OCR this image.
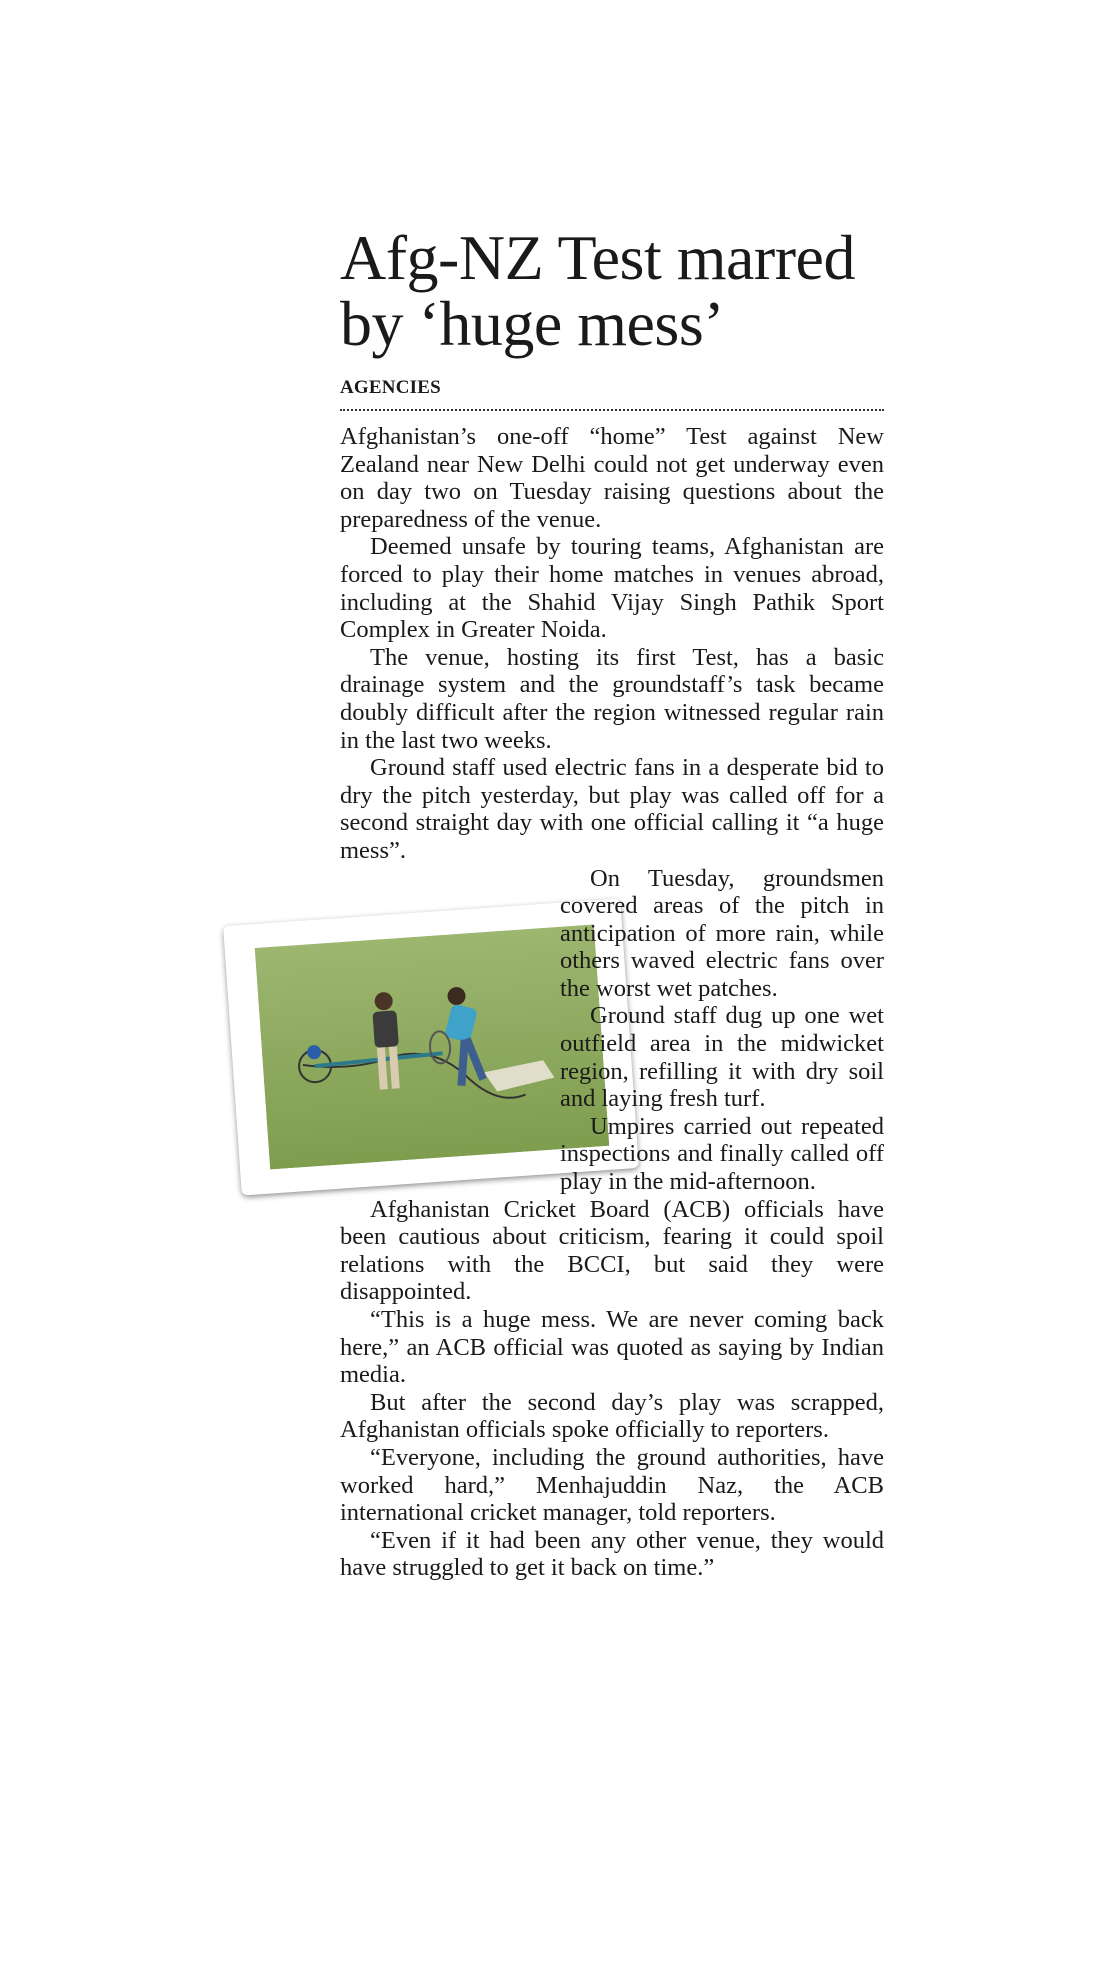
Afg-NZ Test marred by ‘huge mess’
AGENCIES

Afghanistan’s one-off “home” Test against New Zealand near New Delhi could not get underway even on day two on Tuesday raising questions about the preparedness of the venue.

Deemed unsafe by touring teams, Afghanistan are forced to play their home matches in venues abroad, including at the Shahid Vijay Singh Pathik Sport Complex in Greater Noida.

The venue, hosting its first Test, has a basic drainage system and the groundstaff’s task became doubly difficult after the region witnessed regular rain in the last two weeks.

Ground staff used electric fans in a desperate bid to dry the pitch yesterday, but play was called off for a second straight day with one official calling it “a huge mess”.

On Tuesday, groundsmen covered areas of the pitch in anticipation of more rain, while others waved electric fans over the worst wet patches.

Ground staff dug up one wet outfield area in the midwicket region, refilling it with dry soil and laying fresh turf.

Umpires carried out repeated inspections and finally called off play in the mid-afternoon.

Afghanistan Cricket Board (ACB) officials have been cautious about criticism, fearing it could spoil relations with the BCCI, but said they were disappointed.

“This is a huge mess. We are never coming back here,” an ACB official was quoted as saying by Indian media.

But after the second day’s play was scrapped, Afghanistan officials spoke officially to reporters.

“Everyone, including the ground authorities, have worked hard,” Menhajuddin Naz, the ACB international cricket manager, told reporters.

“Even if it had been any other venue, they would have struggled to get it back on time.”
